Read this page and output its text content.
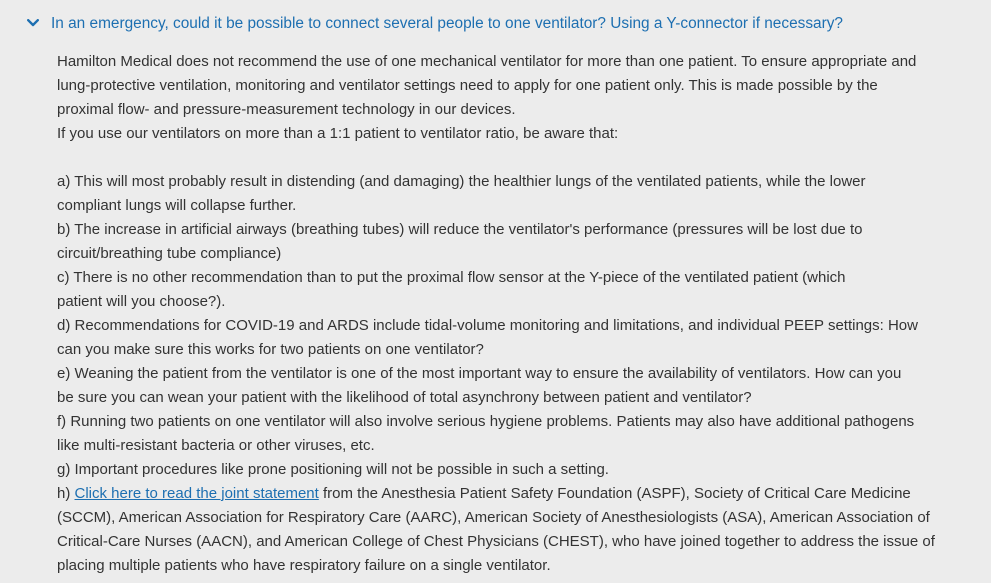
In an emergency, could it be possible to connect several people to one ventilator? Using a Y-connector if necessary?

Hamilton Medical does not recommend the use of one mechanical ventilator for more than one patient. To ensure appropriate and

lung-protective ventilation, monitoring and ventilator settings need to apply for one patient only. This is made possible by the

proximal flow- and pressure-measurement technology in our devices.

If you use our ventilators on more than a 1:1 patient to ventilator ratio, be aware that:

a) This will most probably result in distending (and damaging) the healthier lungs of the ventilated patients, while the lower

compliant lungs will collapse further.

b) The increase in artificial airways (breathing tubes) will reduce the ventilator's performance (pressures will be lost due to

circuit/breathing tube compliance)

c) There is no other recommendation than to put the proximal flow sensor at the Y-piece of the ventilated patient (which

patient will you choose?).

d) Recommendations for COVID-19 and ARDS include tidal-volume monitoring and limitations, and individual PEEP settings: How

can you make sure this works for two patients on one ventilator?

e) Weaning the patient from the ventilator is one of the most important way to ensure the availability of ventilators. How can you

be sure you can wean your patient with the likelihood of total asynchrony between patient and ventilator?

f) Running two patients on one ventilator will also involve serious hygiene problems. Patients may also have additional pathogens

like multi-resistant bacteria or other viruses, etc.

g) Important procedures like prone positioning will not be possible in such a setting.

h) Click here to read the joint statement from the Anesthesia Patient Safety Foundation (ASPF), Society of Critical Care Medicine

(SCCM), American Association for Respiratory Care (AARC), American Society of Anesthesiologists (ASA), American Association of

Critical-Care Nurses (AACN), and American College of Chest Physicians (CHEST), who have joined together to address the issue of

placing multiple patients who have respiratory failure on a single ventilator.
